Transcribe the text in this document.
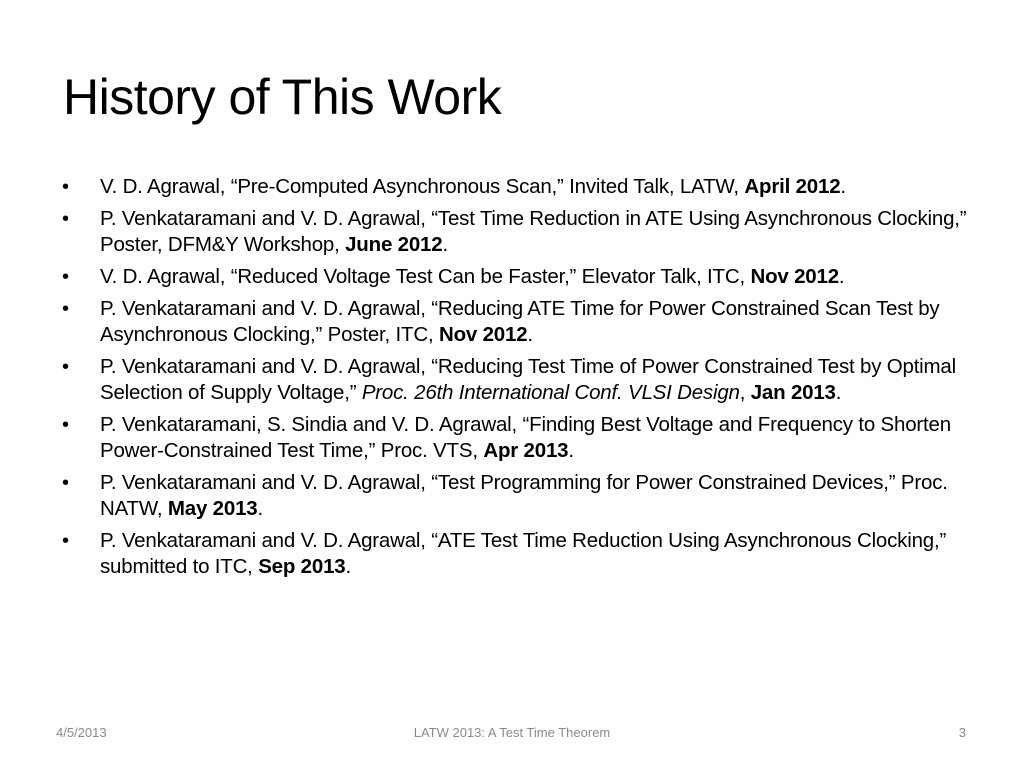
History of This Work
• V. D. Agrawal, “Pre-Computed Asynchronous Scan,” Invited Talk, LATW, April 2012.
• P. Venkataramani and V. D. Agrawal, “Test Time Reduction in ATE Using Asynchronous Clocking,” Poster, DFM&Y Workshop, June 2012.
• V. D. Agrawal, “Reduced Voltage Test Can be Faster,” Elevator Talk, ITC, Nov 2012.
• P. Venkataramani and V. D. Agrawal, “Reducing ATE Time for Power Constrained Scan Test by Asynchronous Clocking,” Poster, ITC, Nov 2012.
• P. Venkataramani and V. D. Agrawal, “Reducing Test Time of Power Constrained Test by Optimal Selection of Supply Voltage,” Proc. 26th International Conf. VLSI Design, Jan 2013.
• P. Venkataramani, S. Sindia and V. D. Agrawal, “Finding Best Voltage and Frequency to Shorten Power-Constrained Test Time,” Proc. VTS, Apr 2013.
• P. Venkataramani and V. D. Agrawal, “Test Programming for Power Constrained Devices,” Proc. NATW, May 2013.
• P. Venkataramani and V. D. Agrawal, “ATE Test Time Reduction Using Asynchronous Clocking,” submitted to ITC, Sep 2013.
4/5/2013	LATW 2013: A Test Time Theorem	3
